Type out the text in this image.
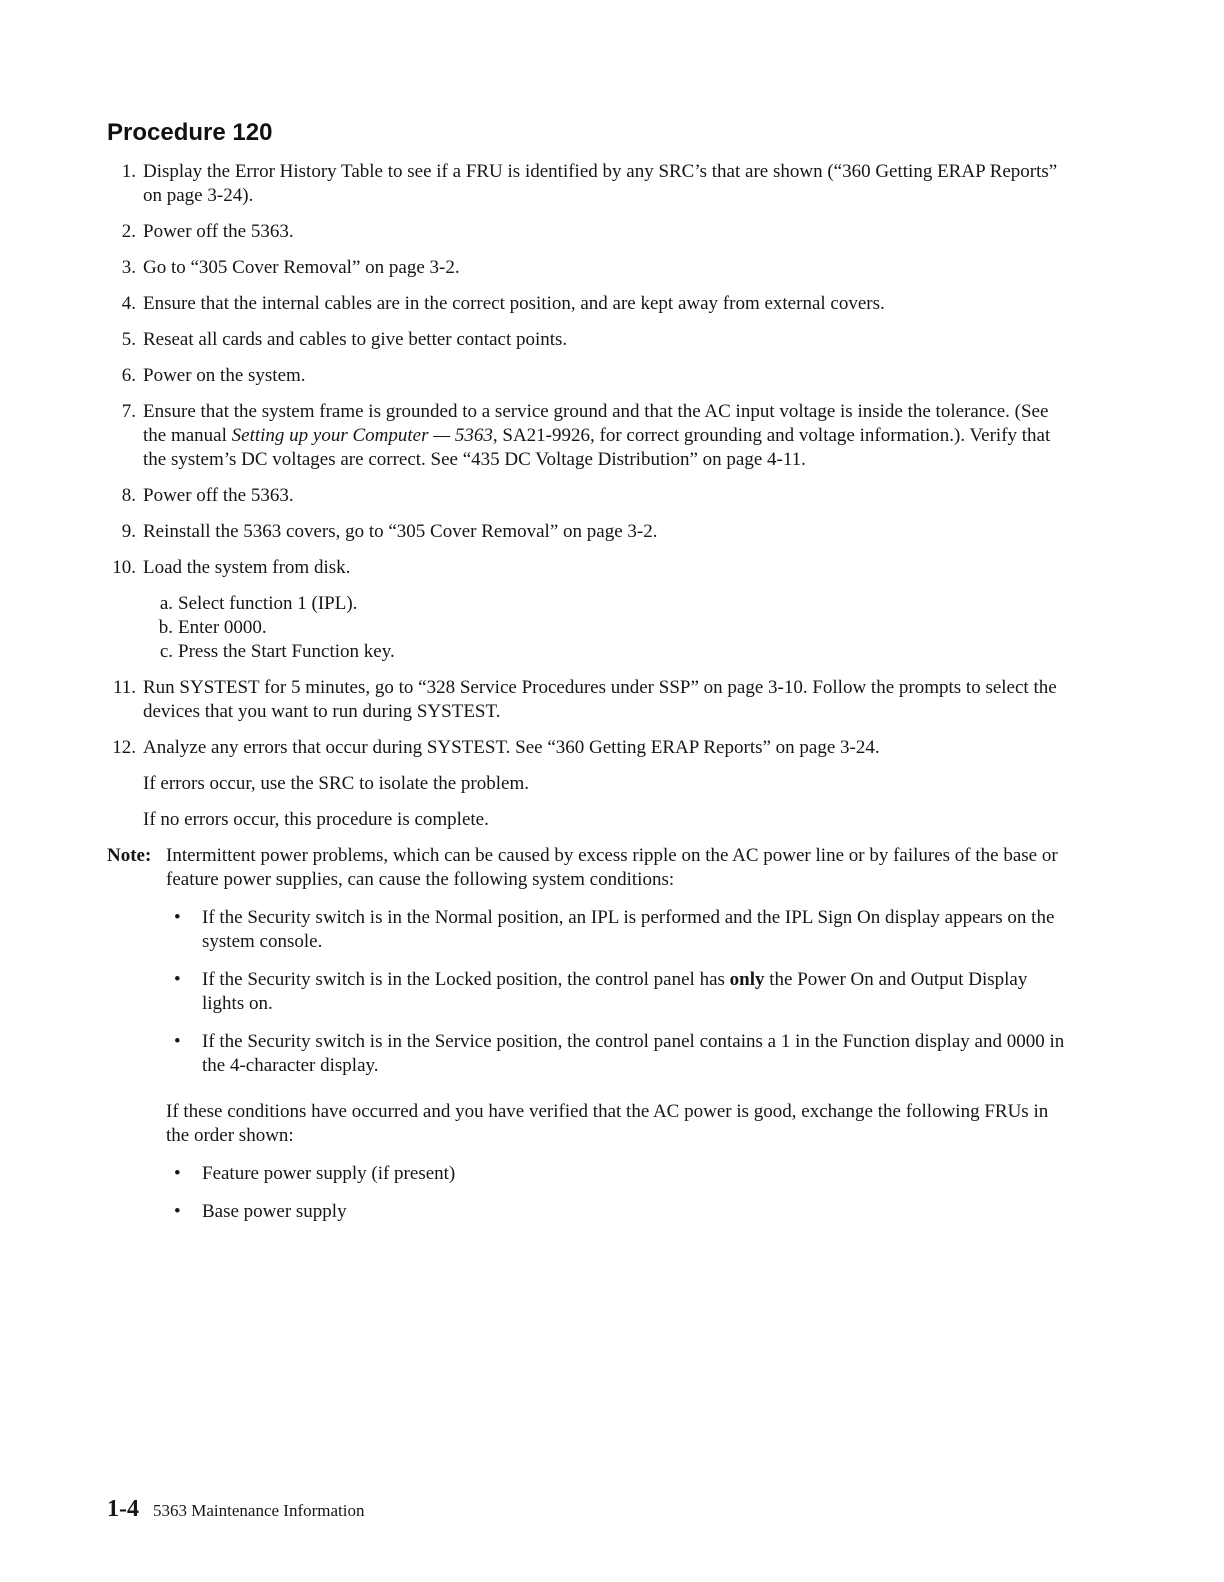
Procedure 120
1. Display the Error History Table to see if a FRU is identified by any SRC’s that are shown (“360 Getting ERAP Reports” on page 3-24).
2. Power off the 5363.
3. Go to “305 Cover Removal” on page 3-2.
4. Ensure that the internal cables are in the correct position, and are kept away from external covers.
5. Reseat all cards and cables to give better contact points.
6. Power on the system.
7. Ensure that the system frame is grounded to a service ground and that the AC input voltage is inside the tolerance. (See the manual Setting up your Computer — 5363, SA21-9926, for correct grounding and voltage information.). Verify that the system’s DC voltages are correct. See “435 DC Voltage Distribution” on page 4-11.
8. Power off the 5363.
9. Reinstall the 5363 covers, go to “305 Cover Removal” on page 3-2.
10. Load the system from disk.
a. Select function 1 (IPL).
b. Enter 0000.
c. Press the Start Function key.
11. Run SYSTEST for 5 minutes, go to “328 Service Procedures under SSP” on page 3-10. Follow the prompts to select the devices that you want to run during SYSTEST.
12. Analyze any errors that occur during SYSTEST. See “360 Getting ERAP Reports” on page 3-24.
If errors occur, use the SRC to isolate the problem.
If no errors occur, this procedure is complete.
Note: Intermittent power problems, which can be caused by excess ripple on the AC power line or by failures of the base or feature power supplies, can cause the following system conditions:
• If the Security switch is in the Normal position, an IPL is performed and the IPL Sign On display appears on the system console.
• If the Security switch is in the Locked position, the control panel has only the Power On and Output Display lights on.
• If the Security switch is in the Service position, the control panel contains a 1 in the Function display and 0000 in the 4-character display.
If these conditions have occurred and you have verified that the AC power is good, exchange the following FRUs in the order shown:
• Feature power supply (if present)
• Base power supply
1-4 5363 Maintenance Information
